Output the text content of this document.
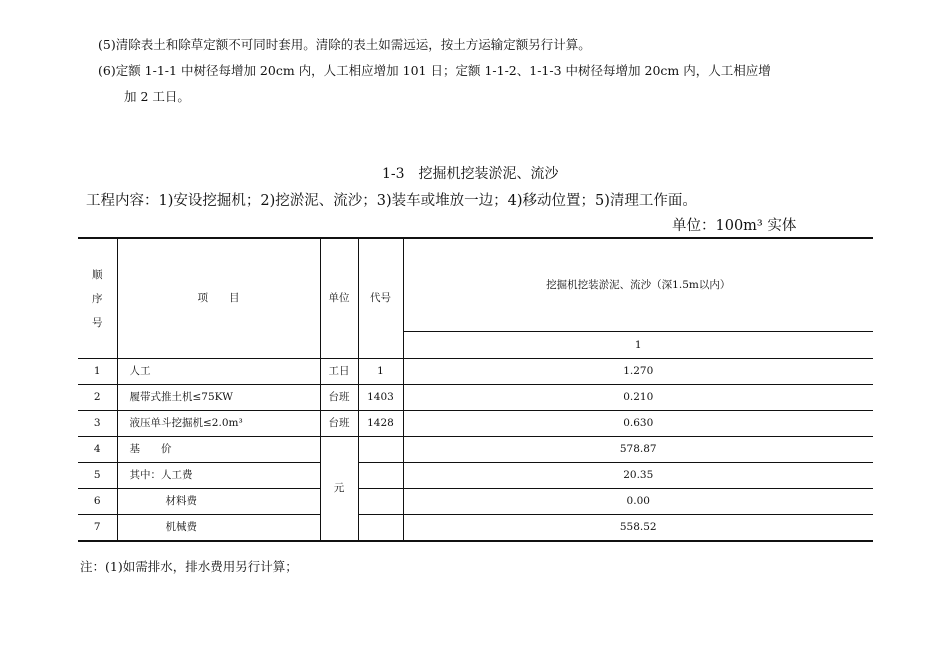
(5)清除表土和除草定额不可同时套用。清除的表土如需远运，按土方运输定额另行计算。
(6)定额 1-1-1 中树径每增加 20cm 内，人工相应增加 101 日；定额 1-1-2、1-1-3 中树径每增加 20cm 内，人工相应增
加 2 工日。
1-3　挖掘机挖装淤泥、流沙
工程内容：1)安设挖掘机；2)挖淤泥、流沙；3)装车或堆放一边；4)移动位置；5)清理工作面。
单位：100m³ 实体
顺
序
号	项　　目	单位	代号	挖掘机挖装淤泥、流沙（深1.5m以内）
				1
1	人工	工日	1	1.270
2	履带式推土机≤75KW	台班	1403	0.210
3	液压单斗挖掘机≤2.0m³	台班	1428	0.630
4	基　　价	元		578.87
5	其中：人工费			20.35
6	材料费			0.00
7	机械费			558.52
注：(1)如需排水，排水费用另行计算；
